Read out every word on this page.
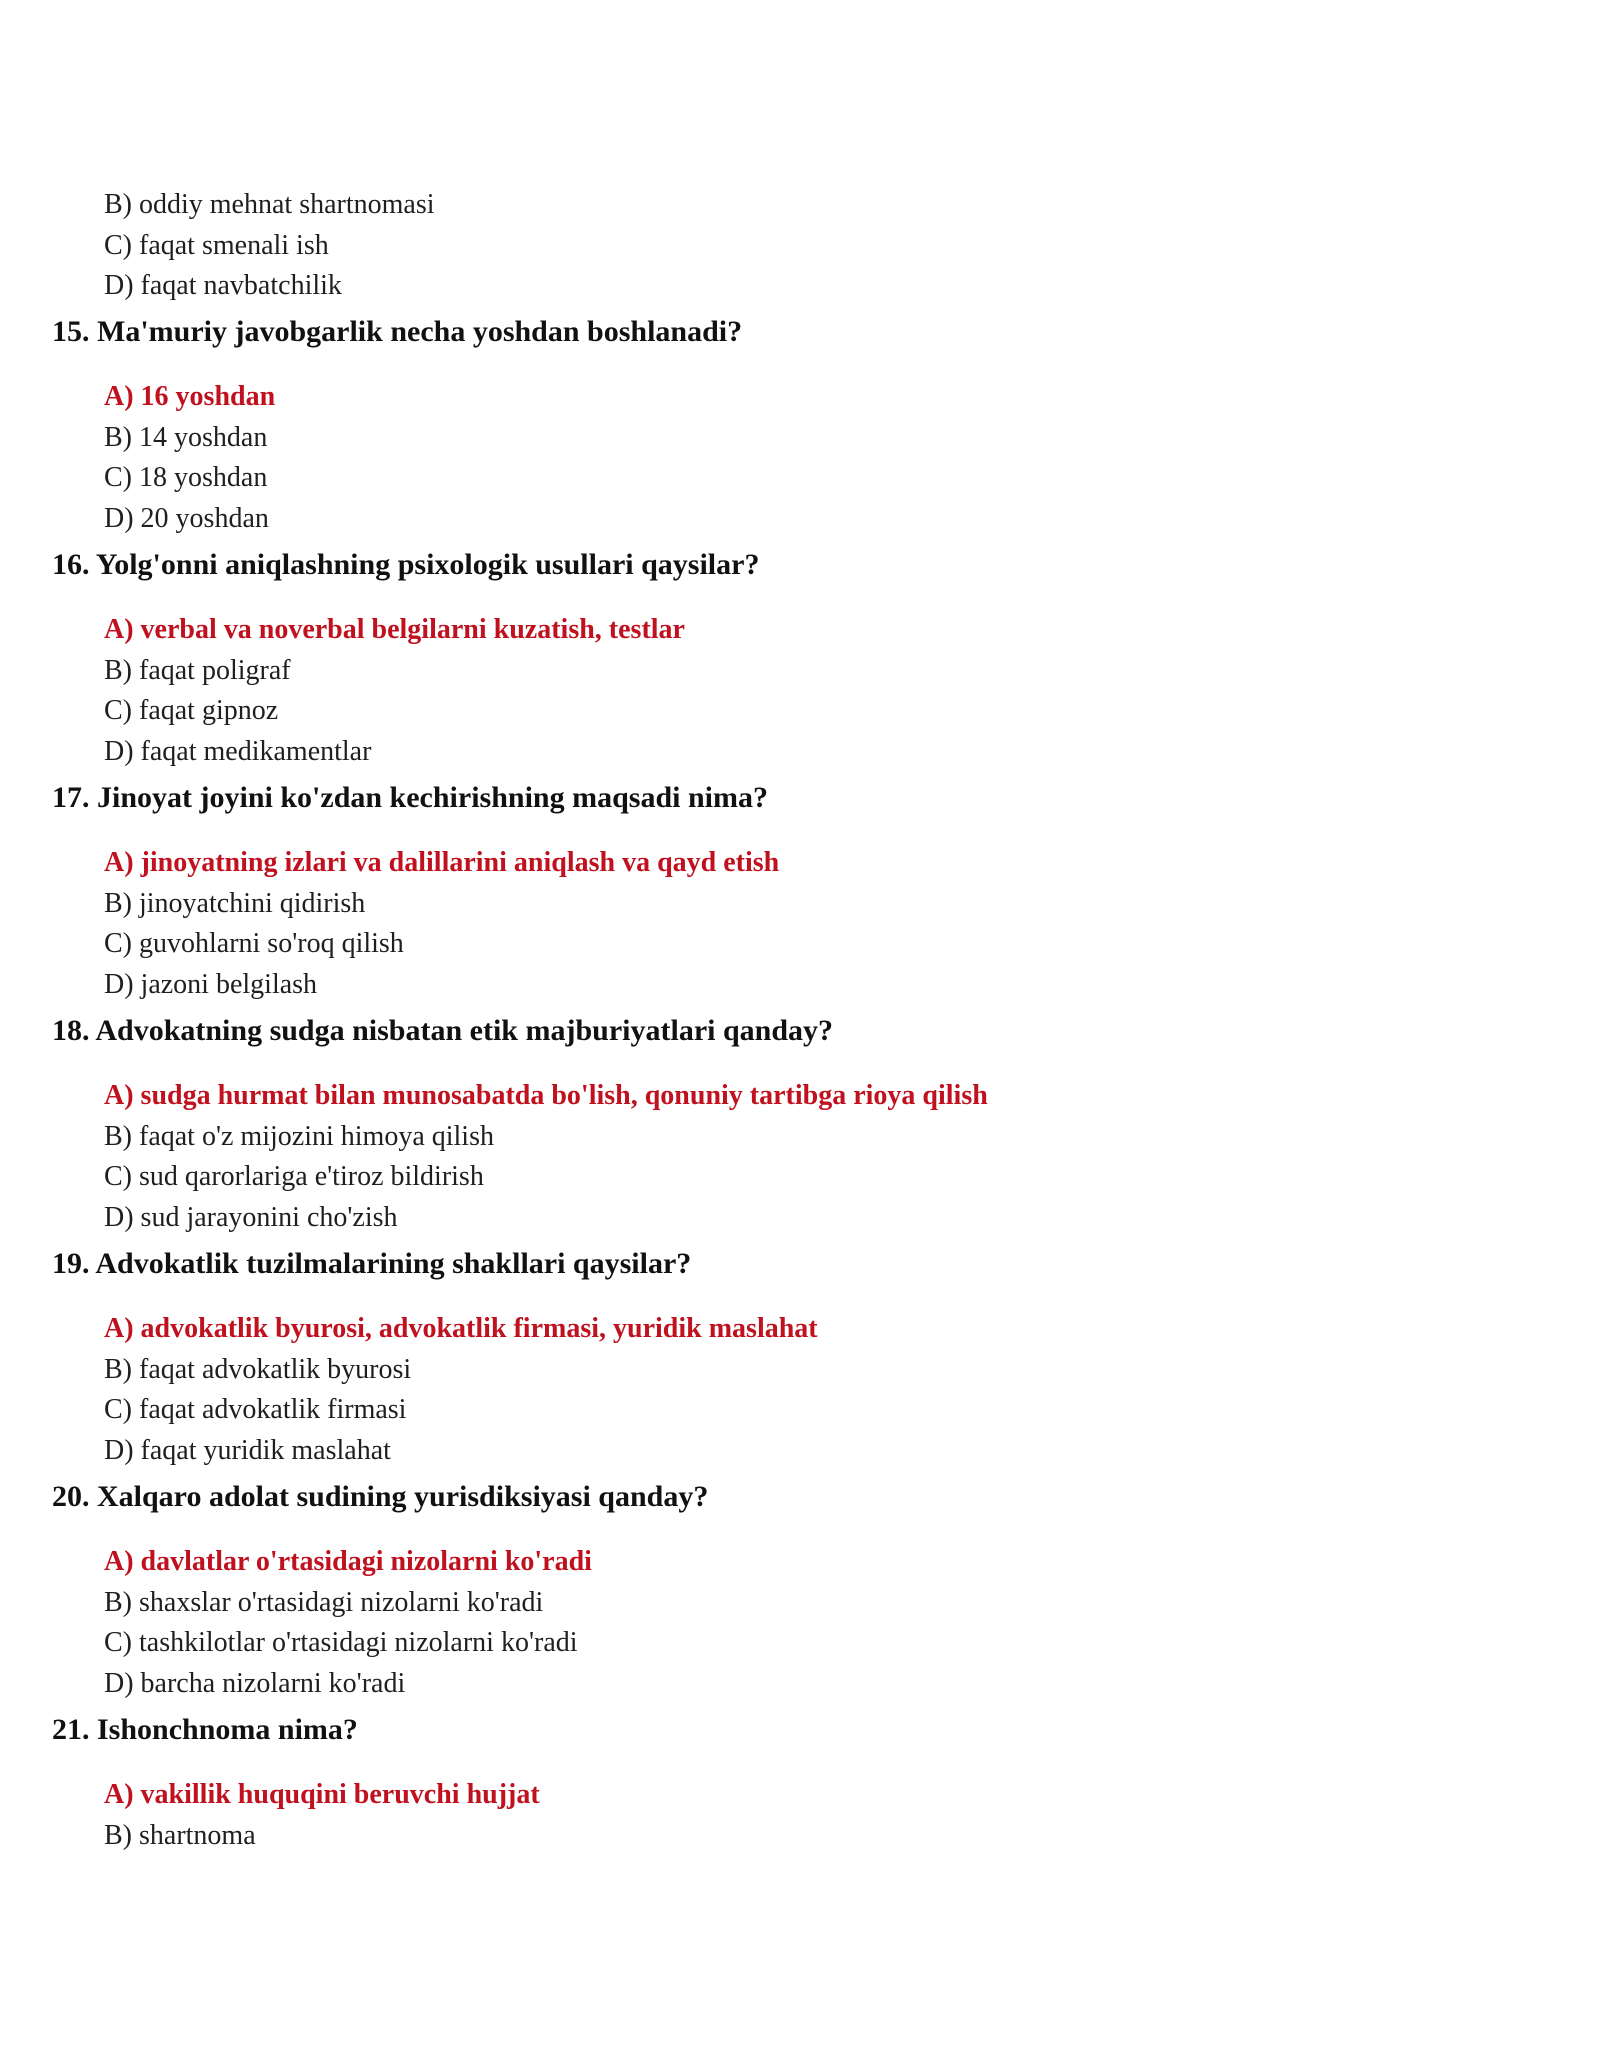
B) oddiy mehnat shartnomasi
C) faqat smenali ish
D) faqat navbatchilik
15. Ma'muriy javobgarlik necha yoshdan boshlanadi?
A) 16 yoshdan
B) 14 yoshdan
C) 18 yoshdan
D) 20 yoshdan
16. Yolg'onni aniqlashning psixologik usullari qaysilar?
A) verbal va noverbal belgilarni kuzatish, testlar
B) faqat poligraf
C) faqat gipnoz
D) faqat medikamentlar
17. Jinoyat joyini ko'zdan kechirishning maqsadi nima?
A) jinoyatning izlari va dalillarini aniqlash va qayd etish
B) jinoyatchini qidirish
C) guvohlarni so'roq qilish
D) jazoni belgilash
18. Advokatning sudga nisbatan etik majburiyatlari qanday?
A) sudga hurmat bilan munosabatda bo'lish, qonuniy tartibga rioya qilish
B) faqat o'z mijozini himoya qilish
C) sud qarorlariga e'tiroz bildirish
D) sud jarayonini cho'zish
19. Advokatlik tuzilmalarining shakllari qaysilar?
A) advokatlik byurosi, advokatlik firmasi, yuridik maslahat
B) faqat advokatlik byurosi
C) faqat advokatlik firmasi
D) faqat yuridik maslahat
20. Xalqaro adolat sudining yurisdiksiyasi qanday?
A) davlatlar o'rtasidagi nizolarni ko'radi
B) shaxslar o'rtasidagi nizolarni ko'radi
C) tashkilotlar o'rtasidagi nizolarni ko'radi
D) barcha nizolarni ko'radi
21. Ishonchnoma nima?
A) vakillik huquqini beruvchi hujjat
B) shartnoma
